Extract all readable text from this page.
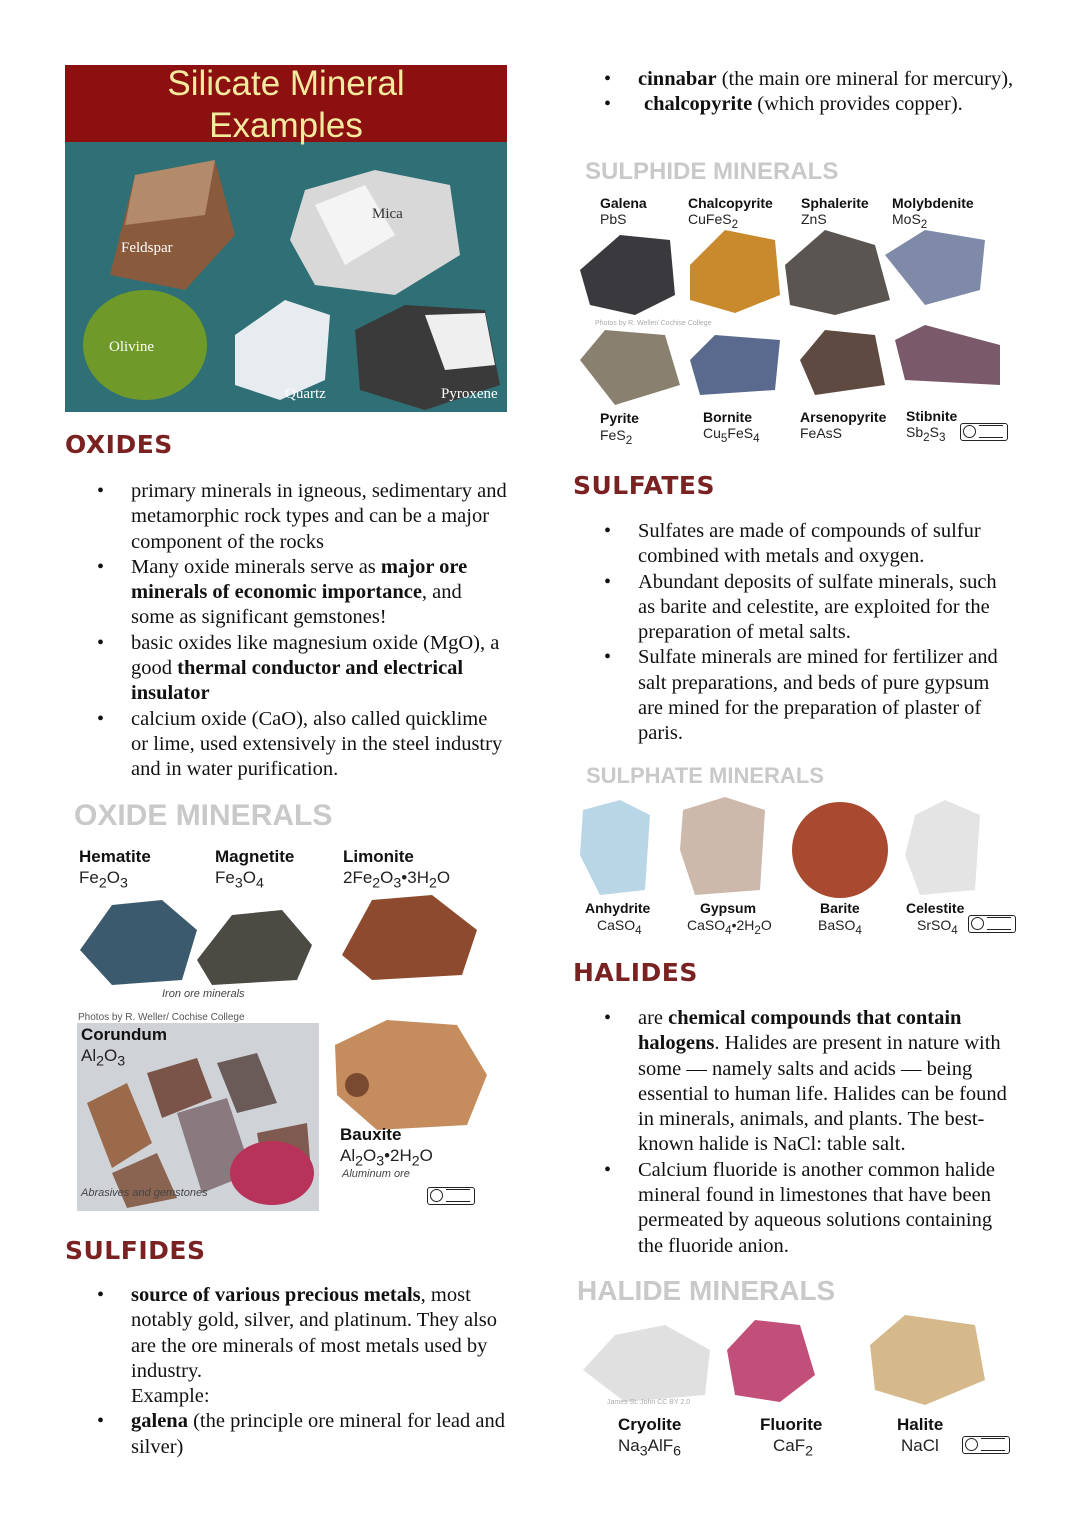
Silicate Mineral
Examples
Feldspar
Mica
Olivine
Quartz	Pyroxene
OXIDES
• primary minerals in igneous, sedimentary and metamorphic rock types and can be a major component of the rocks
• Many oxide minerals serve as major ore minerals of economic importance, and some as significant gemstones!
• basic oxides like magnesium oxide (MgO), a good thermal conductor and electrical insulator
• calcium oxide (CaO), also called quicklime or lime, used extensively in the steel industry and in water purification.
OXIDE MINERALS
Hematite
$Fe_2O_3$
Magnetite
$Fe_3O_4$
Limonite
$2Fe_2O_3•3H_2O$
Iron ore minerals
Photos by R. Weller/ Cochise College
Corundum
$Al_2O_3$
Abrasives and gemstones
Bauxite
$Al_2O_3•2H_2O$
Aluminum ore
SULFIDES
• source of various precious metals, most notably gold, silver, and platinum. They also are the ore minerals of most metals used by industry.
Example:
• galena (the principle ore mineral for lead and silver)
• cinnabar (the main ore mineral for mercury),
• chalcopyrite (which provides copper).
SULPHIDE MINERALS
Galena
PbS
Chalcopyrite
CuFeS$_2$
Sphalerite
ZnS
Molybdenite
MoS$_2$
Photos by R. Weller/ Cochise College
Pyrite
FeS$_2$
Bornite
$Cu_5FeS_4$
Arsenopyrite
FeAsS
Stibnite
$Sb_2S_3$
SULFATES
• Sulfates are made of compounds of sulfur combined with metals and oxygen.
• Abundant deposits of sulfate minerals, such as barite and celestite, are exploited for the preparation of metal salts.
• Sulfate minerals are mined for fertilizer and salt preparations, and beds of pure gypsum are mined for the preparation of plaster of paris.
SULPHATE MINERALS
Anhydrite
CaSO$_4$
Gypsum
$CaSO_4•2H_2O$
Barite
BaSO$_4$
Celestite
SrSO$_4$
HALIDES
• are chemical compounds that contain halogens. Halides are present in nature with some — namely salts and acids — being essential to human life. Halides can be found in minerals, animals, and plants. The best-known halide is NaCl: table salt.
• Calcium fluoride is another common halide mineral found in limestones that have been permeated by aqueous solutions containing the fluoride anion.
HALIDE MINERALS
James St. John CC BY 2.0
Cryolite
$Na_3AlF_6$
Fluorite
CaF$_2$
Halite
NaCl
